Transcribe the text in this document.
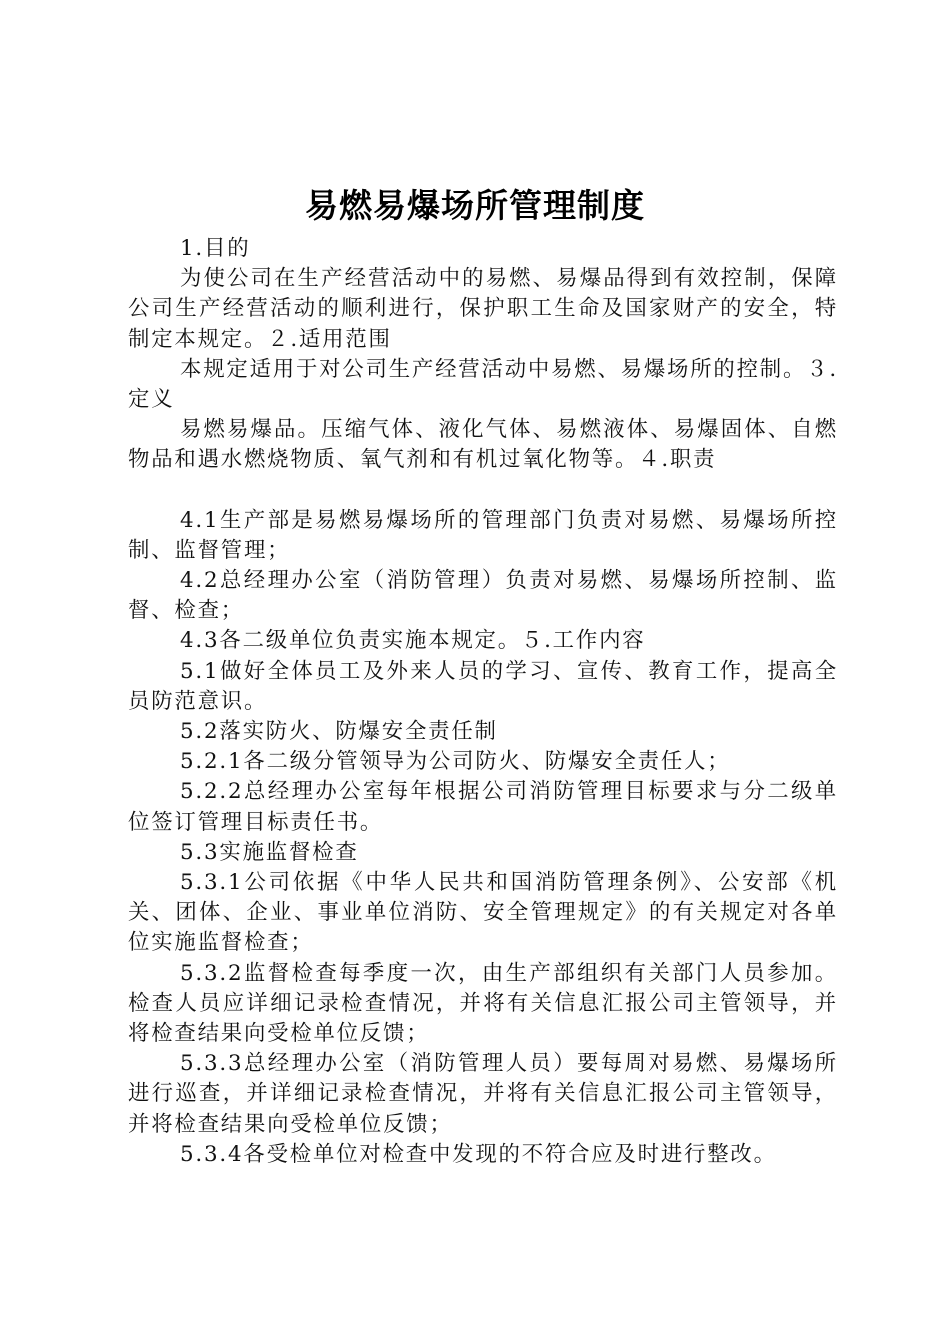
易燃易爆场所管理制度

1.目的

为使公司在生产经营活动中的易燃、易爆品得到有效控制，保障公司生产经营活动的顺利进行，保护职工生命及国家财产的安全，特制定本规定。２.适用范围

本规定适用于对公司生产经营活动中易燃、易爆场所的控制。３.定义

易燃易爆品。压缩气体、液化气体、易燃液体、易爆固体、自燃物品和遇水燃烧物质、氧气剂和有机过氧化物等。４.职责

4.1生产部是易燃易爆场所的管理部门负责对易燃、易爆场所控制、监督管理；

4.2总经理办公室（消防管理）负责对易燃、易爆场所控制、监督、检查；

4.3各二级单位负责实施本规定。５.工作内容

5.1做好全体员工及外来人员的学习、宣传、教育工作，提高全员防范意识。

5.2落实防火、防爆安全责任制

5.2.1各二级分管领导为公司防火、防爆安全责任人；

5.2.2总经理办公室每年根据公司消防管理目标要求与分二级单位签订管理目标责任书。

5.3实施监督检查

5.3.1公司依据《中华人民共和国消防管理条例》、公安部《机关、团体、企业、事业单位消防、安全管理规定》的有关规定对各单位实施监督检查；

5.3.2监督检查每季度一次，由生产部组织有关部门人员参加。检查人员应详细记录检查情况，并将有关信息汇报公司主管领导，并将检查结果向受检单位反馈；

5.3.3总经理办公室（消防管理人员）要每周对易燃、易爆场所进行巡查，并详细记录检查情况，并将有关信息汇报公司主管领导，并将检查结果向受检单位反馈；

5.3.4各受检单位对检查中发现的不符合应及时进行整改。
